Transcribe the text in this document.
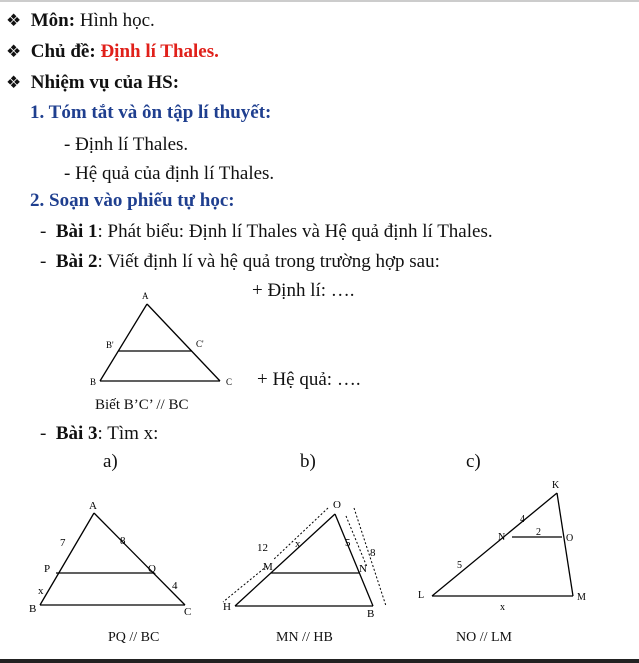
❖ Môn: Hình học.
❖ Chủ đề: Định lí Thales.
❖ Nhiệm vụ của HS:
1. Tóm tắt và ôn tập lí thuyết:
- Định lí Thales.
- Hệ quả của định lí Thales.
2. Soạn vào phiếu tự học:
-  Bài 1: Phát biểu: Định lí Thales và Hệ quả định lí Thales.
-  Bài 2: Viết định lí và hệ quả trong trường hợp sau:
A
B'	C'
B	C
Biết B’C’ // BC
+ Định lí: ….
+ Hệ quả: ….
-  Bài 3: Tìm x:
a)	b)	c)
A
7	8
P	Q
x	4
B	C
PQ // BC
O
12 x	5
8
M	N
H
B
MN // HB
K
4
N	2
O
5
L
x
M
NO // LM
